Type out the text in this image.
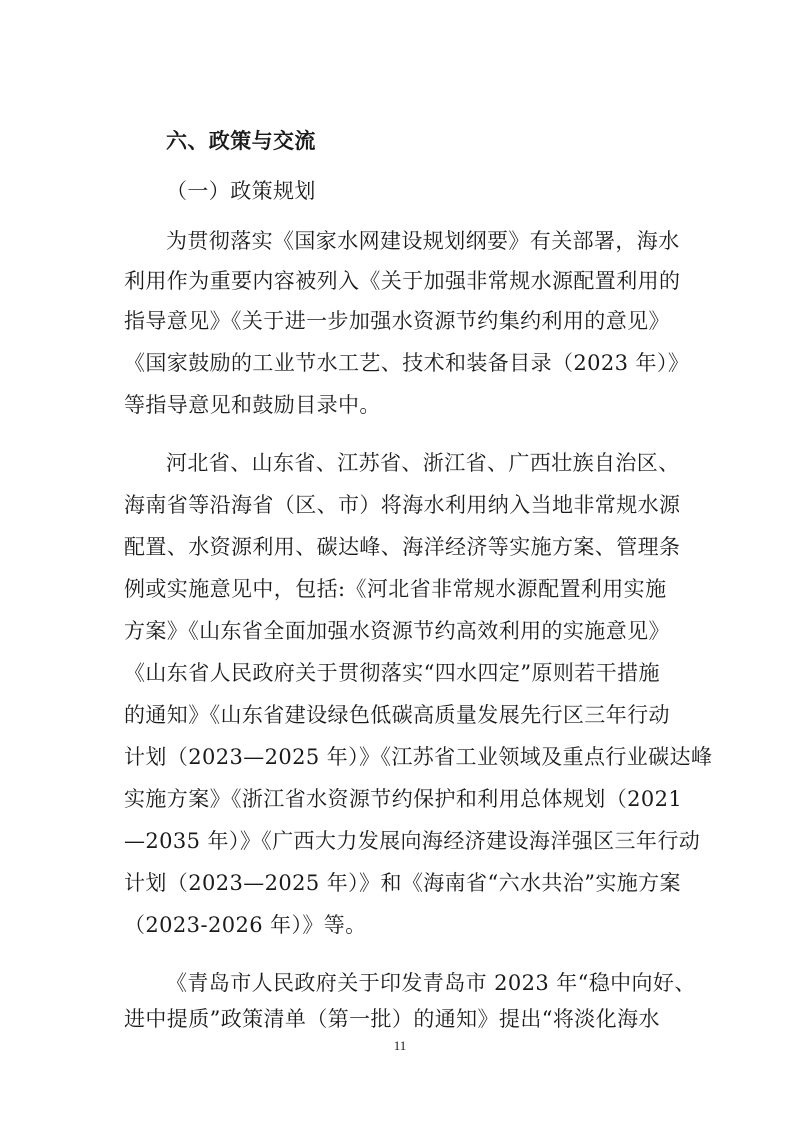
六、政策与交流
（一）政策规划
为贯彻落实《国家水网建设规划纲要》有关部署，海水
利用作为重要内容被列入《关于加强非常规水源配置利用的
指导意见》《关于进一步加强水资源节约集约利用的意见》
《国家鼓励的工业节水工艺、技术和装备目录（2023 年）》
等指导意见和鼓励目录中。
河北省、山东省、江苏省、浙江省、广西壮族自治区、
海南省等沿海省（区、市）将海水利用纳入当地非常规水源
配置、水资源利用、碳达峰、海洋经济等实施方案、管理条
例或实施意见中，包括:《河北省非常规水源配置利用实施
方案》《山东省全面加强水资源节约高效利用的实施意见》
《山东省人民政府关于贯彻落实“四水四定”原则若干措施
的通知》《山东省建设绿色低碳高质量发展先行区三年行动
计划（2023—2025 年）》《江苏省工业领域及重点行业碳达峰
实施方案》《浙江省水资源节约保护和利用总体规划（2021
—2035 年）》《广西大力发展向海经济建设海洋强区三年行动
计划（2023—2025 年）》和《海南省“六水共治”实施方案
（2023-2026 年）》等。
《青岛市人民政府关于印发青岛市 2023 年“稳中向好、
进中提质”政策清单（第一批）的通知》提出“将淡化海水
11
